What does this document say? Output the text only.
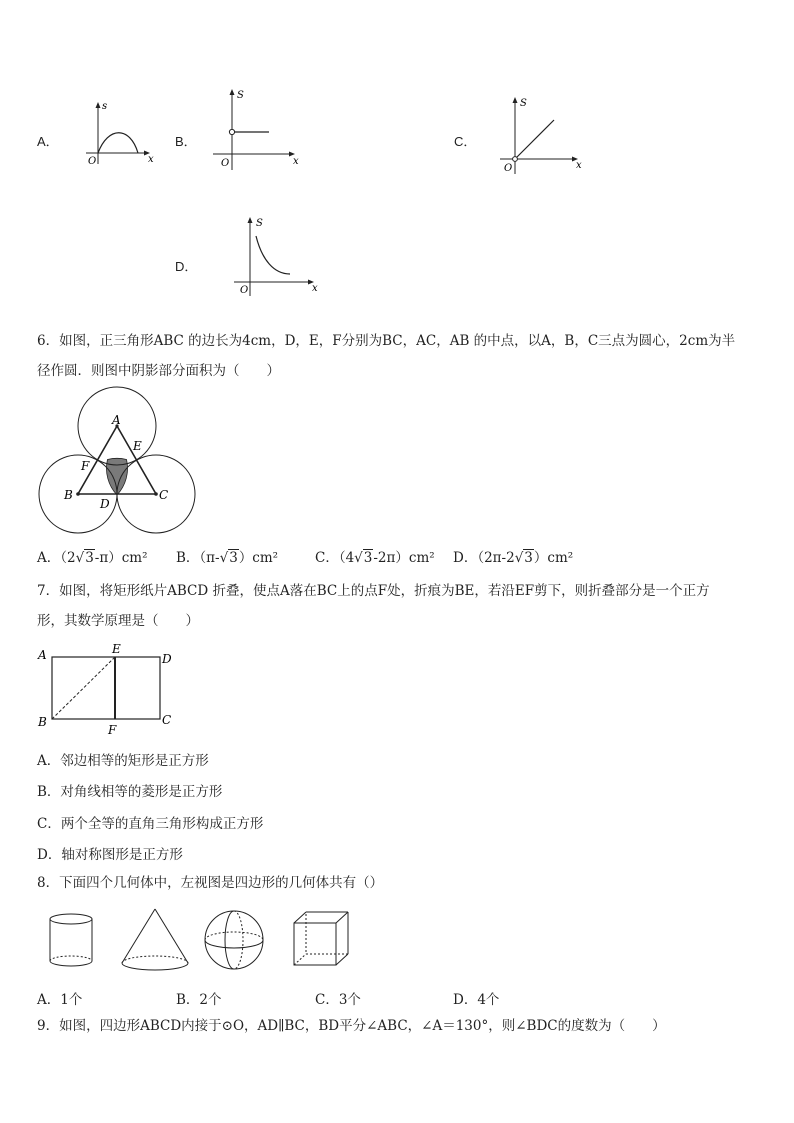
A．
s
x
O
B．
S
x
O
C．
S
x
O
D．
S
x
O
6．如图，正三角形ABC 的边长为4cm，D，E，F分别为BC，AC，AB 的中点，以A，B，C三点为圆心，2cm为半
径作圆．则图中阴影部分面积为（　　）
A
B	C
D
E
F
A．（2√3-π）cm² B．（π-√3）cm²	C．（4√3-2π）cm² D．（2π-2√3）cm²
7．如图，将矩形纸片ABCD 折叠，使点A落在BC上的点F处，折痕为BE，若沿EF剪下，则折叠部分是一个正方
形，其数学原理是（　　）
A	E
D
B
F
C
A．邻边相等的矩形是正方形
B．对角线相等的菱形是正方形
C．两个全等的直角三角形构成正方形
D．轴对称图形是正方形
8．下面四个几何体中，左视图是四边形的几何体共有（）
A．1个	B．2个	C．3个	D．4个
9．如图，四边形ABCD内接于⊙O，AD∥BC，BD平分∠ABC，∠A＝130°，则∠BDC的度数为（　　）
